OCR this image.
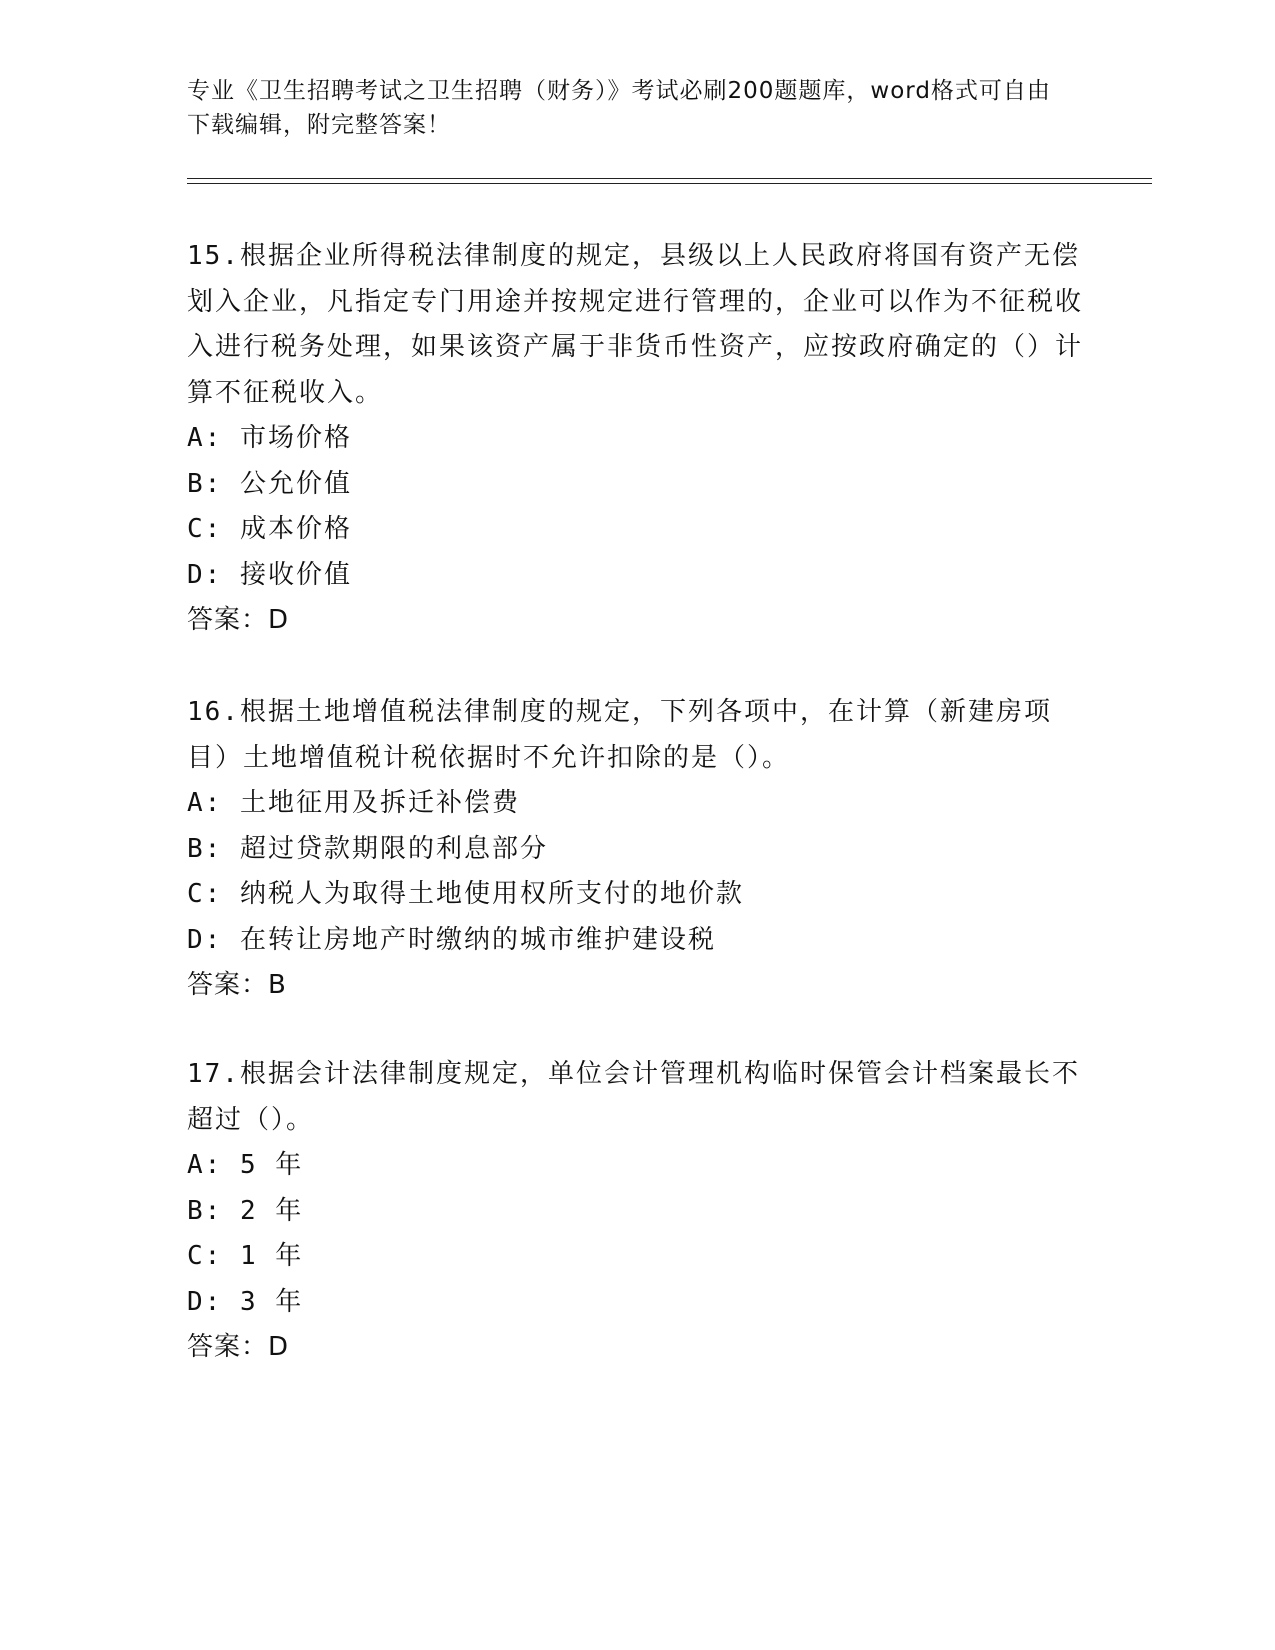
专业《卫生招聘考试之卫生招聘（财务）》考试必刷200题题库，word格式可自由下载编辑，附完整答案！
15.根据企业所得税法律制度的规定，县级以上人民政府将国有资产无偿划入企业，凡指定专门用途并按规定进行管理的，企业可以作为不征税收入进行税务处理，如果该资产属于非货币性资产，应按政府确定的（）计算不征税收入。
A: 市场价格
B: 公允价值
C: 成本价格
D: 接收价值
答案：D
16.根据土地增值税法律制度的规定，下列各项中，在计算（新建房项目）土地增值税计税依据时不允许扣除的是（）。
A: 土地征用及拆迁补偿费
B: 超过贷款期限的利息部分
C: 纳税人为取得土地使用权所支付的地价款
D: 在转让房地产时缴纳的城市维护建设税
答案：B
17.根据会计法律制度规定，单位会计管理机构临时保管会计档案最长不超过（）。
A: 5 年
B: 2 年
C: 1 年
D: 3 年
答案：D
